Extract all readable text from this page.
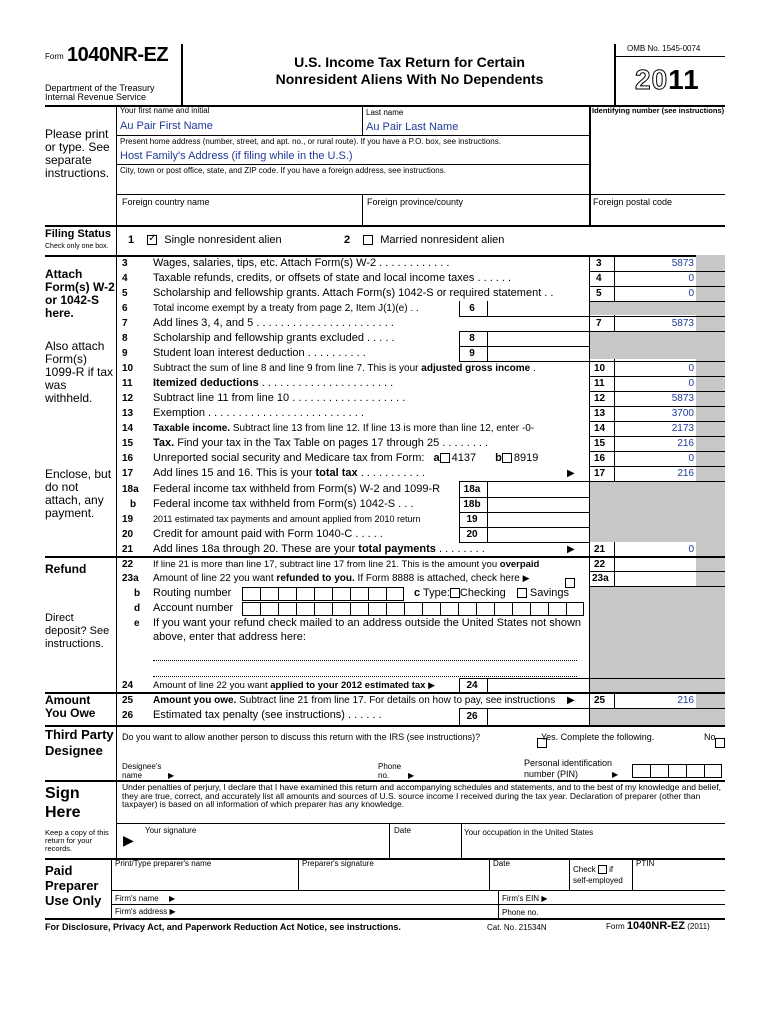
Form 1040NR-EZ
Department of the Treasury
Internal Revenue Service
U.S. Income Tax Return for Certain
Nonresident Aliens With No Dependents
OMB No. 1545-0074
2011
Please print or type. See separate instructions.
Your first name and initial
Au Pair First Name
Last name
Au Pair Last Name
Identifying number (see instructions)
Present home address (number, street, and apt. no., or rural route). If you have a P.O. box, see instructions.
Host Family's Address (if filing while in the U.S.)
City, town or post office, state, and ZIP code. If you have a foreign address, see instructions.
Foreign country name	Foreign province/county	Foreign postal code
Filing Status
Check only one box.
1 ✓	Single nonresident alien	2	Married nonresident alien
Attach Form(s) W-2 or 1042-S here.
Also attach Form(s) 1099-R if tax was withheld.
Enclose, but do not attach, any payment.
3	Wages, salaries, tips, etc. Attach Form(s) W-2 . . . . . . . . . . . .	3	5873
4	Taxable refunds, credits, or offsets of state and local income taxes . . . . . .	4	0
5	Scholarship and fellowship grants. Attach Form(s) 1042-S or required statement . .	5	0
6	Total income exempt by a treaty from page 2, Item J(1)(e) . .	6
7	Add lines 3, 4, and 5 . . . . . . . . . . . . . . . . . . . . . . .	7	5873
8	Scholarship and fellowship grants excluded . . . . .	8
9	Student loan interest deduction . . . . . . . . . .	9
10	Subtract the sum of line 8 and line 9 from line 7. This is your adjusted gross income .	10	0
11	Itemized deductions . . . . . . . . . . . . . . . . . . . . . .	11	0
12	Subtract line 11 from line 10 . . . . . . . . . . . . . . . . . . .	12	5873
13	Exemption . . . . . . . . . . . . . . . . . . . . . . . . . .	13	3700
14	Taxable income. Subtract line 13 from line 12. If line 13 is more than line 12, enter -0-	14	2173
15	Tax. Find your tax in the Tax Table on pages 17 through 25 . . . . . . . .	15	216
16	Unreported social security and Medicare tax from Form: a 4137 b 8919	16	0
17	Add lines 15 and 16. This is your total tax . . . . . . . . . . .	▶ 17	216
18a	Federal income tax withheld from Form(s) W-2 and 1099-R	18a
b	Federal income tax withheld from Form(s) 1042-S . . .	18b
19	2011 estimated tax payments and amount applied from 2010 return	19
20	Credit for amount paid with Form 1040-C . . . . .	20
21	Add lines 18a through 20. These are your total payments . . . . . . . .	▶ 21	0
Refund
Direct deposit? See instructions.
22	If line 21 is more than line 17, subtract line 17 from line 21. This is the amount you overpaid	22
23a	Amount of line 22 you want refunded to you. If Form 8888 is attached, check here ▶
	23a
b	Routing number	c Type: Checking Savings
d	Account number
e	If you want your refund check mailed to an address outside the United States not shown above, enter that address here:
24	Amount of line 22 you want applied to your 2012 estimated tax ▶	24
Amount You Owe
25	Amount you owe. Subtract line 21 from line 17. For details on how to pay, see instructions ▶ 25	216
26	Estimated tax penalty (see instructions) . . . . . .	26
Third Party Designee
Do you want to allow another person to discuss this return with the IRS (see instructions)?
	Yes. Complete the following.	No
Designee's name	▶
Phone no.	▶
Personal identification number (PIN)	▶
Sign Here
Keep a copy of this return for your records.
Under penalties of perjury, I declare that I have examined this return and accompanying schedules and statements, and to the best of my knowledge and belief, they are true, correct, and accurately list all amounts and sources of U.S. source income I received during the tax year. Declaration of preparer (other than taxpayer) is based on all information of which preparer has any knowledge.
▶
Your signature	Date	Your occupation in the United States
Paid Preparer Use Only
Print/Type preparer's name	Preparer's signature	Date
Check if
self-employed
PTIN
Firm's name ▶	Firm's EIN ▶
Firm's address ▶	Phone no.
For Disclosure, Privacy Act, and Paperwork Reduction Act Notice, see instructions.	Cat. No. 21534N	Form 1040NR-EZ (2011)
